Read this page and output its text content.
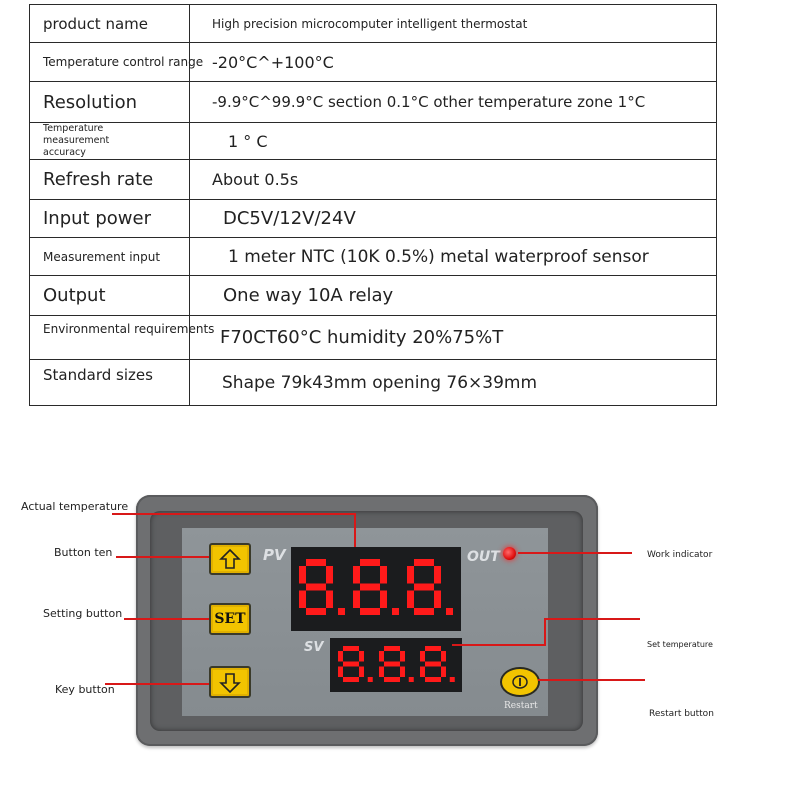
product name	High precision microcomputer intelligent thermostat
Temperature control range	-20°C^+100°C
Resolution	-9.9°C^99.9°C section 0.1°C other temperature zone 1°C

Temperature measurement accuracy	1 ° C
Refresh rate	About 0.5s
Input power	DC5V/12V/24V
Measurement input	1 meter NTC (10K 0.5%) metal waterproof sensor
Output	One way 10A relay
Environmental requirements	F70CT60°C humidity 20%75%T
Standard sizes	Shape 79k43mm opening 76×39mm
PV
SV
OUT
SET
Restart
Actual temperature
Button ten
Setting button
Key button
Work indicator
Set temperature
Restart button
